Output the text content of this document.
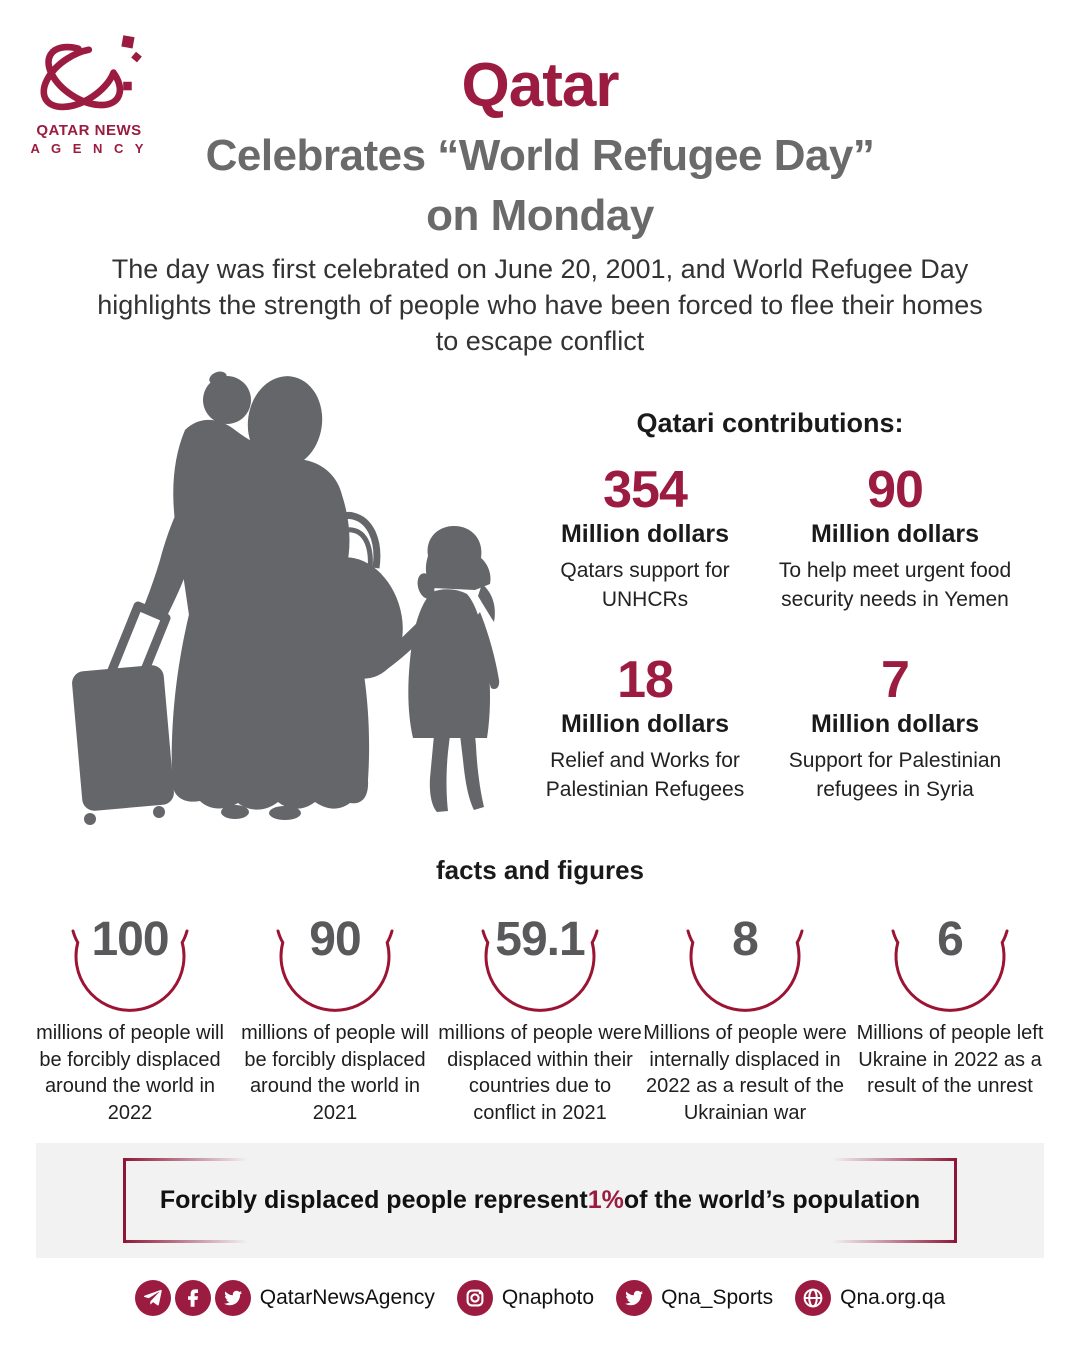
QATAR NEWS
A G E N C Y
Qatar
Celebrates “World Refugee Day”
on Monday
The day was first celebrated on June 20, 2001, and World Refugee Day highlights the strength of people who have been forced to flee their homes to escape conflict
Qatari contributions:
354
Million dollars
Qatars support for UNHCRs
90
Million dollars
To help meet urgent food security needs in Yemen
18
Million dollars
Relief and Works for Palestinian Refugees
7
Million dollars
Support for Palestinian refugees in Syria
facts and figures
100
millions of people will be forcibly displaced around the world in 2022
90
millions of people will be forcibly displaced around the world in 2021
59.1
millions of people were displaced within their countries due to conflict in 2021
8
Millions of people were internally displaced in 2022 as a result of the Ukrainian war
6
Millions of people left Ukraine in 2022 as a result of the unrest
Forcibly displaced people represent 1% of the world’s population
QatarNewsAgency	Qnaphoto	Qna_Sports	Qna.org.qa
